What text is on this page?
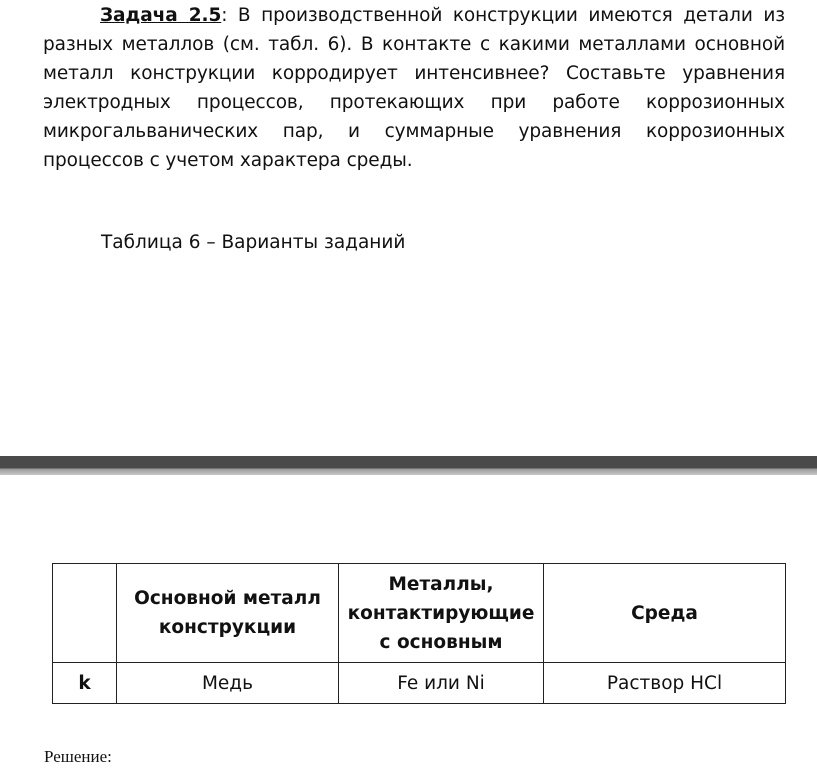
Задача 2.5: В производственной конструкции имеются детали из разных металлов (см. табл. 6). В контакте с какими металлами основной металл конструкции корродирует интенсивнее? Составьте уравнения электродных процессов, протекающих при работе коррозионных микрогальванических пар, и суммарные уравнения коррозионных процессов с учетом характера среды.

Таблица 6 – Варианты заданий

	Основной металл конструкции	Металлы, контактирующие с основным	Среда
k	Медь	Fe или Ni	Раствор HCl

Решение:
